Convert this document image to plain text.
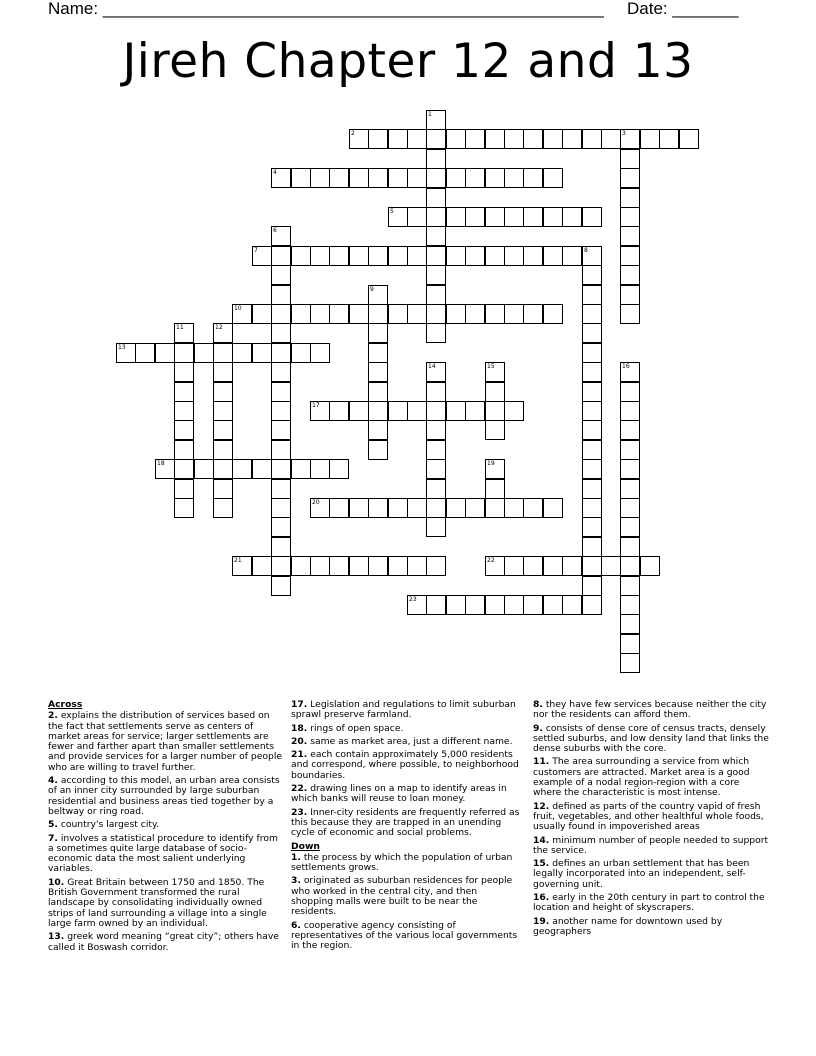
Name: _____________________________________________________ Date: _______
Jireh Chapter 12 and 13
1
2	3
4
5
6
7	8
9
10
11	12
13
14	15	16
17
18	19
20
21	22
23
Across
2. explains the distribution of services based on the fact that settlements serve as centers of market areas for service; larger settlements are fewer and farther apart than smaller settlements and provide services for a larger number of people who are willing to travel further.
4. according to this model, an urban area consists of an inner city surrounded by large suburban residential and business areas tied together by a beltway or ring road.
5. country's largest city.
7. involves a statistical procedure to identify from a sometimes quite large database of socio-economic data the most salient underlying variables.
10. Great Britain between 1750 and 1850. The British Government transformed the rural landscape by consolidating individually owned strips of land surrounding a village into a single large farm owned by an individual.
13. greek word meaning “great city”; others have called it Boswash corridor.
17. Legislation and regulations to limit suburban sprawl preserve farmland.
18. rings of open space.
20. same as market area, just a different name.
21. each contain approximately 5,000 residents and correspond, where possible, to neighborhood boundaries.
22. drawing lines on a map to identify areas in which banks will reuse to loan money.
23. Inner-city residents are frequently referred as this because they are trapped in an unending cycle of economic and social problems.
Down
1. the process by which the population of urban settlements grows.
3. originated as suburban residences for people who worked in the central city, and then shopping malls were built to be near the residents.
6. cooperative agency consisting of representatives of the various local governments in the region.
8. they have few services because neither the city nor the residents can afford them.
9. consists of dense core of census tracts, densely settled suburbs, and low density land that links the dense suburbs with the core.
11. The area surrounding a service from which customers are attracted. Market area is a good example of a nodal region-region with a core where the characteristic is most intense.
12. defined as parts of the country vapid of fresh fruit, vegetables, and other healthful whole foods, usually found in impoverished areas
14. minimum number of people needed to support the service.
15. defines an urban settlement that has been legally incorporated into an independent, self-governing unit.
16. early in the 20th century in part to control the location and height of skyscrapers.
19. another name for downtown used by geographers
